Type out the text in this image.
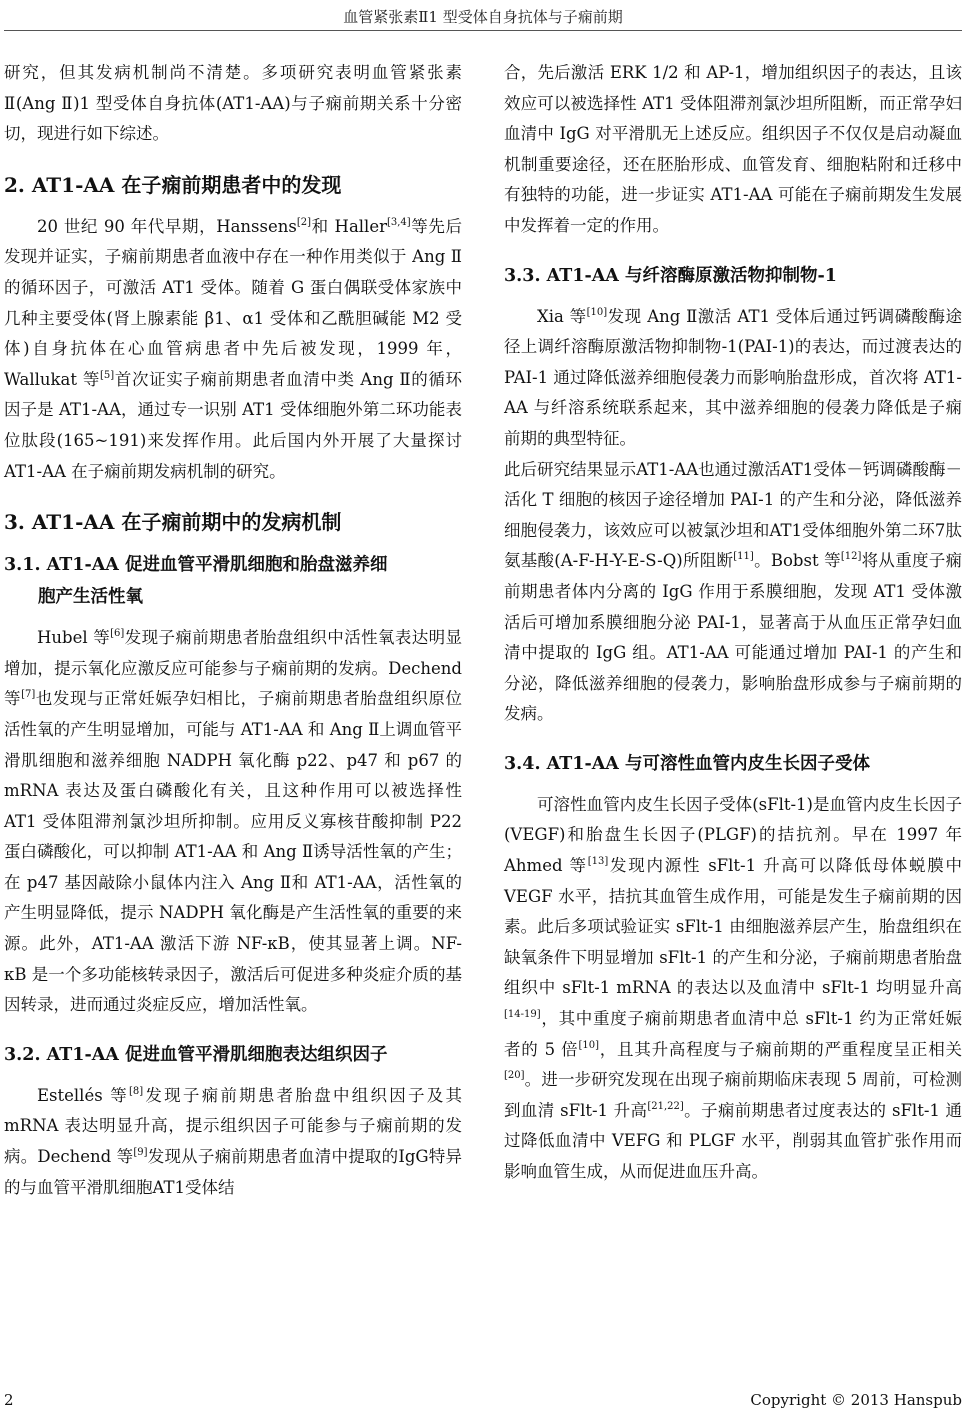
血管紧张素Ⅱ1 型受体自身抗体与子痫前期

研究，但其发病机制尚不清楚。多项研究表明血管紧张素Ⅱ(Ang Ⅱ)1 型受体自身抗体(AT1-AA)与子痫前期关系十分密切，现进行如下综述。

2. AT1-AA 在子痫前期患者中的发现

20 世纪 90 年代早期，Hanssens[2]和 Haller[3,4]等先后发现并证实，子痫前期患者血液中存在一种作用类似于 Ang Ⅱ的循环因子，可激活 AT1 受体。随着 G 蛋白偶联受体家族中几种主要受体(肾上腺素能 β1、α1 受体和乙酰胆碱能 M2 受体)自身抗体在心血管病患者中先后被发现，1999 年，Wallukat 等[5]首次证实子痫前期患者血清中类 Ang Ⅱ的循环因子是 AT1-AA，通过专一识别 AT1 受体细胞外第二环功能表位肽段(165~191)来发挥作用。此后国内外开展了大量探讨 AT1-AA 在子痫前期发病机制的研究。

3. AT1-AA 在子痫前期中的发病机制
3.1. AT1-AA 促进血管平滑肌细胞和胎盘滋养细
胞产生活性氧

Hubel 等[6]发现子痫前期患者胎盘组织中活性氧表达明显增加，提示氧化应激反应可能参与子痫前期的发病。Dechend 等[7]也发现与正常妊娠孕妇相比，子痫前期患者胎盘组织原位活性氧的产生明显增加，可能与 AT1-AA 和 Ang Ⅱ上调血管平滑肌细胞和滋养细胞 NADPH 氧化酶 p22、p47 和 p67 的 mRNA 表达及蛋白磷酸化有关，且这种作用可以被选择性 AT1 受体阻滞剂氯沙坦所抑制。应用反义寡核苷酸抑制 P22 蛋白磷酸化，可以抑制 AT1-AA 和 Ang Ⅱ诱导活性氧的产生；在 p47 基因敲除小鼠体内注入 Ang Ⅱ和 AT1-AA，活性氧的产生明显降低，提示 NADPH 氧化酶是产生活性氧的重要的来源。此外，AT1-AA 激活下游 NF-κB，使其显著上调。NF-κB 是一个多功能核转录因子，激活后可促进多种炎症介质的基因转录，进而通过炎症反应，增加活性氧。

3.2. AT1-AA 促进血管平滑肌细胞表达组织因子

Estellés 等[8]发现子痫前期患者胎盘中组织因子及其 mRNA 表达明显升高，提示组织因子可能参与子痫前期的发病。Dechend 等[9]发现从子痫前期患者血清中提取的IgG特异的与血管平滑肌细胞AT1受体结

合，先后激活 ERK 1/2 和 AP-1，增加组织因子的表达，且该效应可以被选择性 AT1 受体阻滞剂氯沙坦所阻断，而正常孕妇血清中 IgG 对平滑肌无上述反应。组织因子不仅仅是启动凝血机制重要途径，还在胚胎形成、血管发育、细胞粘附和迁移中有独特的功能，进一步证实 AT1-AA 可能在子痫前期发生发展中发挥着一定的作用。

3.3. AT1-AA 与纤溶酶原激活物抑制物-1

Xia 等[10]发现 Ang Ⅱ激活 AT1 受体后通过钙调磷酸酶途径上调纤溶酶原激活物抑制物-1(PAI-1)的表达，而过渡表达的 PAI-1 通过降低滋养细胞侵袭力而影响胎盘形成，首次将 AT1-AA 与纤溶系统联系起来，其中滋养细胞的侵袭力降低是子痫前期的典型特征。

此后研究结果显示AT1-AA也通过激活AT1受体－钙调磷酸酶－活化 T 细胞的核因子途径增加 PAI-1 的产生和分泌，降低滋养细胞侵袭力，该效应可以被氯沙坦和AT1受体细胞外第二环7肽氨基酸(A-F-H-Y-E-S-Q)所阻断[11]。Bobst 等[12]将从重度子痫前期患者体内分离的 IgG 作用于系膜细胞，发现 AT1 受体激活后可增加系膜细胞分泌 PAI-1，显著高于从血压正常孕妇血清中提取的 IgG 组。AT1-AA 可能通过增加 PAI-1 的产生和分泌，降低滋养细胞的侵袭力，影响胎盘形成参与子痫前期的发病。

3.4. AT1-AA 与可溶性血管内皮生长因子受体

可溶性血管内皮生长因子受体(sFlt-1)是血管内皮生长因子(VEGF)和胎盘生长因子(PLGF)的拮抗剂。早在 1997 年 Ahmed 等[13]发现内源性 sFlt-1 升高可以降低母体蜕膜中 VEGF 水平，拮抗其血管生成作用，可能是发生子痫前期的因素。此后多项试验证实 sFlt-1 由细胞滋养层产生，胎盘组织在缺氧条件下明显增加 sFlt-1 的产生和分泌，子痫前期患者胎盘组织中 sFlt-1 mRNA 的表达以及血清中 sFlt-1 均明显升高[14-19]，其中重度子痫前期患者血清中总 sFlt-1 约为正常妊娠者的 5 倍[10]，且其升高程度与子痫前期的严重程度呈正相关[20]。进一步研究发现在出现子痫前期临床表现 5 周前，可检测到血清 sFlt-1 升高[21,22]。子痫前期患者过度表达的 sFlt-1 通过降低血清中 VEFG 和 PLGF 水平，削弱其血管扩张作用而影响血管生成，从而促进血压升高。

2	Copyright © 2013 Hanspub
